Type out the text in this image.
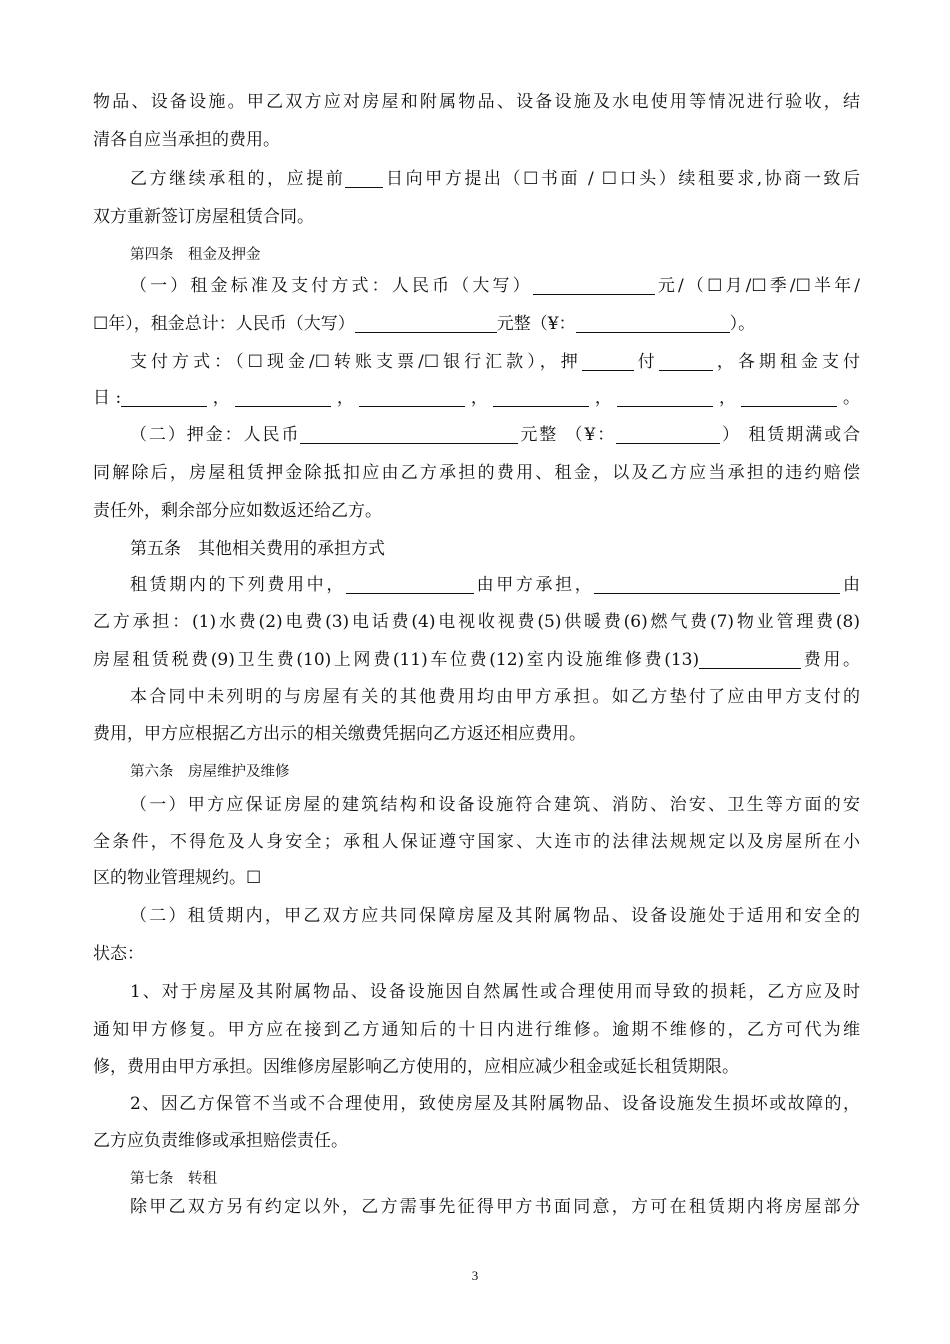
物品、设备设施。甲乙双方应对房屋和附属物品、设备设施及水电使用等情况进行验收，结
清各自应当承担的费用。
乙方继续承租的，应提前 日向甲方提出（☐书面 / ☐口头）续租要求,协商一致后
双方重新签订房屋租赁合同。
第四条　租金及押金
（一）租金标准及支付方式：人民币（大写）	元/（☐月/☐季/☐半年/
☐年），租金总计：人民币（大写）	元整（¥：	）。
支付方式：（☐现金/☐转账支票/☐银行汇款），押	付	，各期租金支付
日:	，	，	，	，	，	。
（二）押金：人民币	元整 （¥：	） 租赁期满或合
同解除后，房屋租赁押金除抵扣应由乙方承担的费用、租金，以及乙方应当承担的违约赔偿
责任外，剩余部分应如数返还给乙方。
第五条　其他相关费用的承担方式
租赁期内的下列费用中，	由甲方承担，	由
乙方承担：(1)水费(2)电费(3)电话费(4)电视收视费(5)供暖费(6)燃气费(7)物业管理费(8)
房屋租赁税费(9)卫生费(10)上网费(11)车位费(12)室内设施维修费(13)	费用。
本合同中未列明的与房屋有关的其他费用均由甲方承担。如乙方垫付了应由甲方支付的
费用，甲方应根据乙方出示的相关缴费凭据向乙方返还相应费用。
第六条　房屋维护及维修
（一）甲方应保证房屋的建筑结构和设备设施符合建筑、消防、治安、卫生等方面的安
全条件，不得危及人身安全；承租人保证遵守国家、大连市的法律法规规定以及房屋所在小
区的物业管理规约。☐
（二）租赁期内，甲乙双方应共同保障房屋及其附属物品、设备设施处于适用和安全的
状态：
1、对于房屋及其附属物品、设备设施因自然属性或合理使用而导致的损耗，乙方应及时
通知甲方修复。甲方应在接到乙方通知后的十日内进行维修。逾期不维修的，乙方可代为维
修，费用由甲方承担。因维修房屋影响乙方使用的，应相应减少租金或延长租赁期限。
2、因乙方保管不当或不合理使用，致使房屋及其附属物品、设备设施发生损坏或故障的，
乙方应负责维修或承担赔偿责任。
第七条　转租
除甲乙双方另有约定以外，乙方需事先征得甲方书面同意，方可在租赁期内将房屋部分
3
